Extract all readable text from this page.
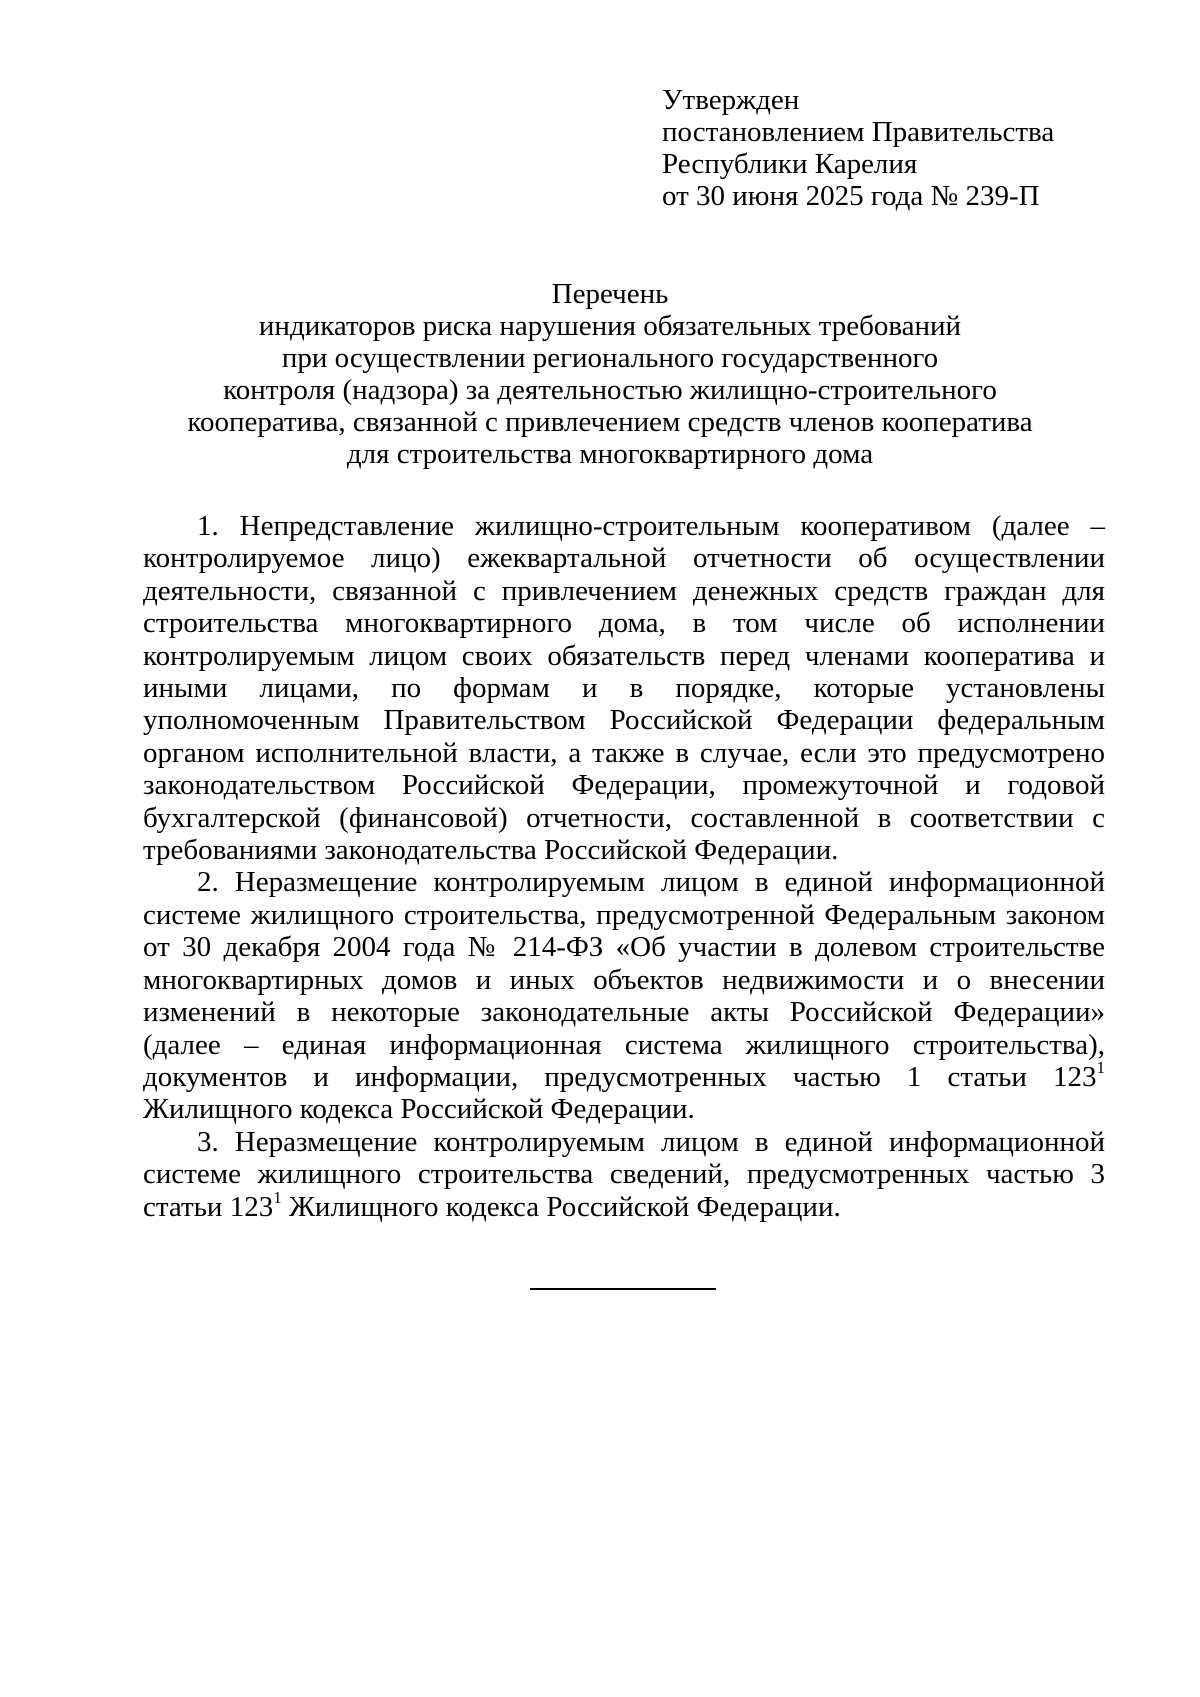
Утвержден
постановлением Правительства
Республики Карелия
от 30 июня 2025 года № 239-П
Перечень
индикаторов риска нарушения обязательных требований
при осуществлении регионального государственного
контроля (надзора) за деятельностью жилищно-строительного
кооператива, связанной с привлечением средств членов кооператива
для строительства многоквартирного дома

1. Непредставление жилищно-строительным кооперативом (далее – контролируемое лицо) ежеквартальной отчетности об осуществлении деятельности, связанной с привлечением денежных средств граждан для строительства многоквартирного дома, в том числе об исполнении контролируемым лицом своих обязательств перед членами кооператива и иными лицами, по формам и в порядке, которые установлены уполномоченным Правительством Российской Федерации федеральным органом исполнительной власти, а также в случае, если это предусмотрено законодательством Российской Федерации, промежуточной и годовой бухгалтерской (финансовой) отчетности, составленной в соответствии с требованиями законодательства Российской Федерации.

2. Неразмещение контролируемым лицом в единой информационной системе жилищного строительства, предусмотренной Федеральным законом от 30 декабря 2004 года № 214-ФЗ «Об участии в долевом строительстве многоквартирных домов и иных объектов недвижимости и о внесении изменений в некоторые законодательные акты Российской Федерации» (далее – единая информационная система жилищного строительства), документов и информации, предусмотренных частью 1 статьи $123^1$ Жилищного кодекса Российской Федерации.

3. Неразмещение контролируемым лицом в единой информационной системе жилищного строительства сведений, предусмотренных частью 3 статьи $123^1$ Жилищного кодекса Российской Федерации.
